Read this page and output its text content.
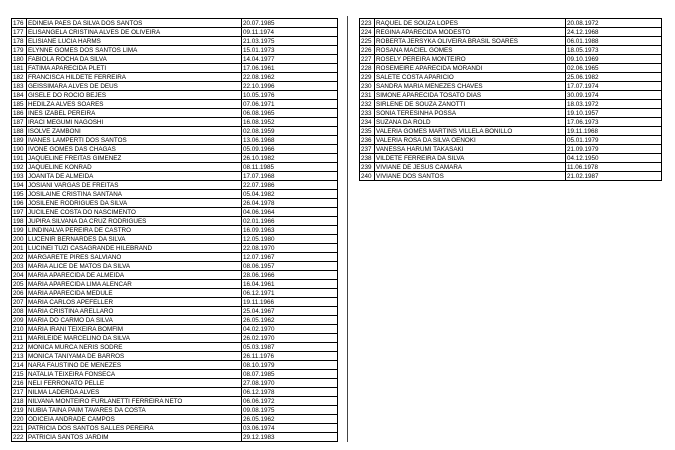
176	EDINEIA PAES DA SILVA DOS SANTOS	20.07.1985
177	ELISANGELA CRISTINA ALVES DE OLIVEIRA	09.11.1974
178	ELISIANE LUCIA HARMS	21.03.1975
179	ELYNNE GOMES DOS SANTOS LIMA	15.01.1973
180	FABIOLA ROCHA DA SILVA	14.04.1977
181	FATIMA APARECIDA PLETI	17.06.1961
182	FRANCISCA HILDETE FERREIRA	22.08.1962
183	GEISSIMARA ALVES DE DEUS	22.10.1996
184	GISELE DO ROCIO BEJES	10.05.1976
185	HEDILZA ALVES SOARES	07.06.1971
186	INES IZABEL PEREIRA	06.08.1965
187	IRACI MEGUMI NAGOSHI	16.08.1952
188	ISOLVE ZAMBONI	02.08.1959
189	IVANES LAMPERTI DOS SANTOS	13.06.1968
190	IVONE GOMES DAS CHAGAS	05.09.1966
191	JAQUELINE FREITAS GIMENEZ	26.10.1982
192	JAQUELINE KONRAD	08.11.1985
193	JOANITA DE ALMEIDA	17.07.1968
194	JOSIANI VARGAS DE FREITAS	22.07.1986
195	JOSILAINE CRISTINA SANTANA	05.04.1982
196	JOSILENE RODRIGUES DA SILVA	26.04.1978
197	JUCILENE COSTA DO NASCIMENTO	04.06.1964
198	JUPIRA SILVANA DA CRUZ RODRIGUES	02.01.1966
199	LINDINALVA PEREIRA DE CASTRO	16.09.1963
200	LUCENIR BERNARDES DA SILVA	12.05.1980
201	LUCINEI TUZI CASAGRANDE HILEBRAND	22.08.1970
202	MARGARETE PIRES SALVIANO	12.07.1967
203	MARIA ALICE DE MATOS DA SILVA	08.06.1957
204	MARIA APARECIDA DE ALMEIDA	28.06.1966
205	MARIA APARECIDA LIMA ALENCAR	16.04.1961
206	MARIA APARECIDA MEDULE	06.12.1971
207	MARIA CARLOS APEFELLER	19.11.1966
208	MARIA CRISTINA ARELLARO	25.04.1967
209	MARIA DO CARMO DA SILVA	26.05.1962
210	MARIA IRANI TEIXEIRA BOMFIM	04.02.1970
211	MARILEIDE MARCELINO DA SILVA	26.02.1970
212	MONICA MURCA NERIS SODRE	05.03.1987
213	MONICA TANIYAMA DE BARROS	26.11.1976
214	NARA FAUSTINO DE MENEZES	08.10.1979
215	NATALIA TEIXEIRA FONSECA	08.07.1985
216	NELI FERRONATO PELLE	27.08.1970
217	NILMA LADERDA ALVES	06.12.1978
218	NILVANA MONTEIRO FURLANETTI FERREIRA NETO	06.06.1972
219	NUBIA TAINA PAIM TAVARES DA COSTA	09.08.1975
220	ODICEIA ANDRADE CAMPOS	26.05.1962
221	PATRICIA DOS SANTOS SALLES PEREIRA	03.06.1974
222	PATRICIA SANTOS JARDIM	29.12.1983
223	RAQUEL DE SOUZA LOPES	20.08.1972
224	REGINA APARECIDA MODESTO	24.12.1968
225	ROBERTA JERSYKA OLIVEIRA BRASIL SOARES	06.01.1988
226	ROSANA MACIEL GOMES	18.05.1973
227	ROSELY PEREIRA MONTEIRO	09.10.1969
228	ROSEMEIRE APARECIDA MORANDI	02.06.1965
229	SALETE COSTA APARICIO	25.06.1982
230	SANDRA MARIA MENEZES CHAVES	17.07.1974
231	SIMONE APARECIDA TOSATO DIAS	30.09.1974
232	SIRLENE DE SOUZA ZANOTTI	18.03.1972
233	SONIA TERESINHA POSSA	19.10.1957
234	SUZANA DA ROLD	17.06.1973
235	VALERIA GOMES MARTINS VILLELA BONILLO	19.11.1968
236	VALERIA ROSA DA SILVA OENOKI	05.01.1979
237	VANESSA HARUMI TAKASAKI	21.09.1979
238	VILDETE FERREIRA DA SILVA	04.12.1950
239	VIVIANE DE JESUS CAMARA	11.06.1978
240	VIVIANE DOS SANTOS	21.02.1987
